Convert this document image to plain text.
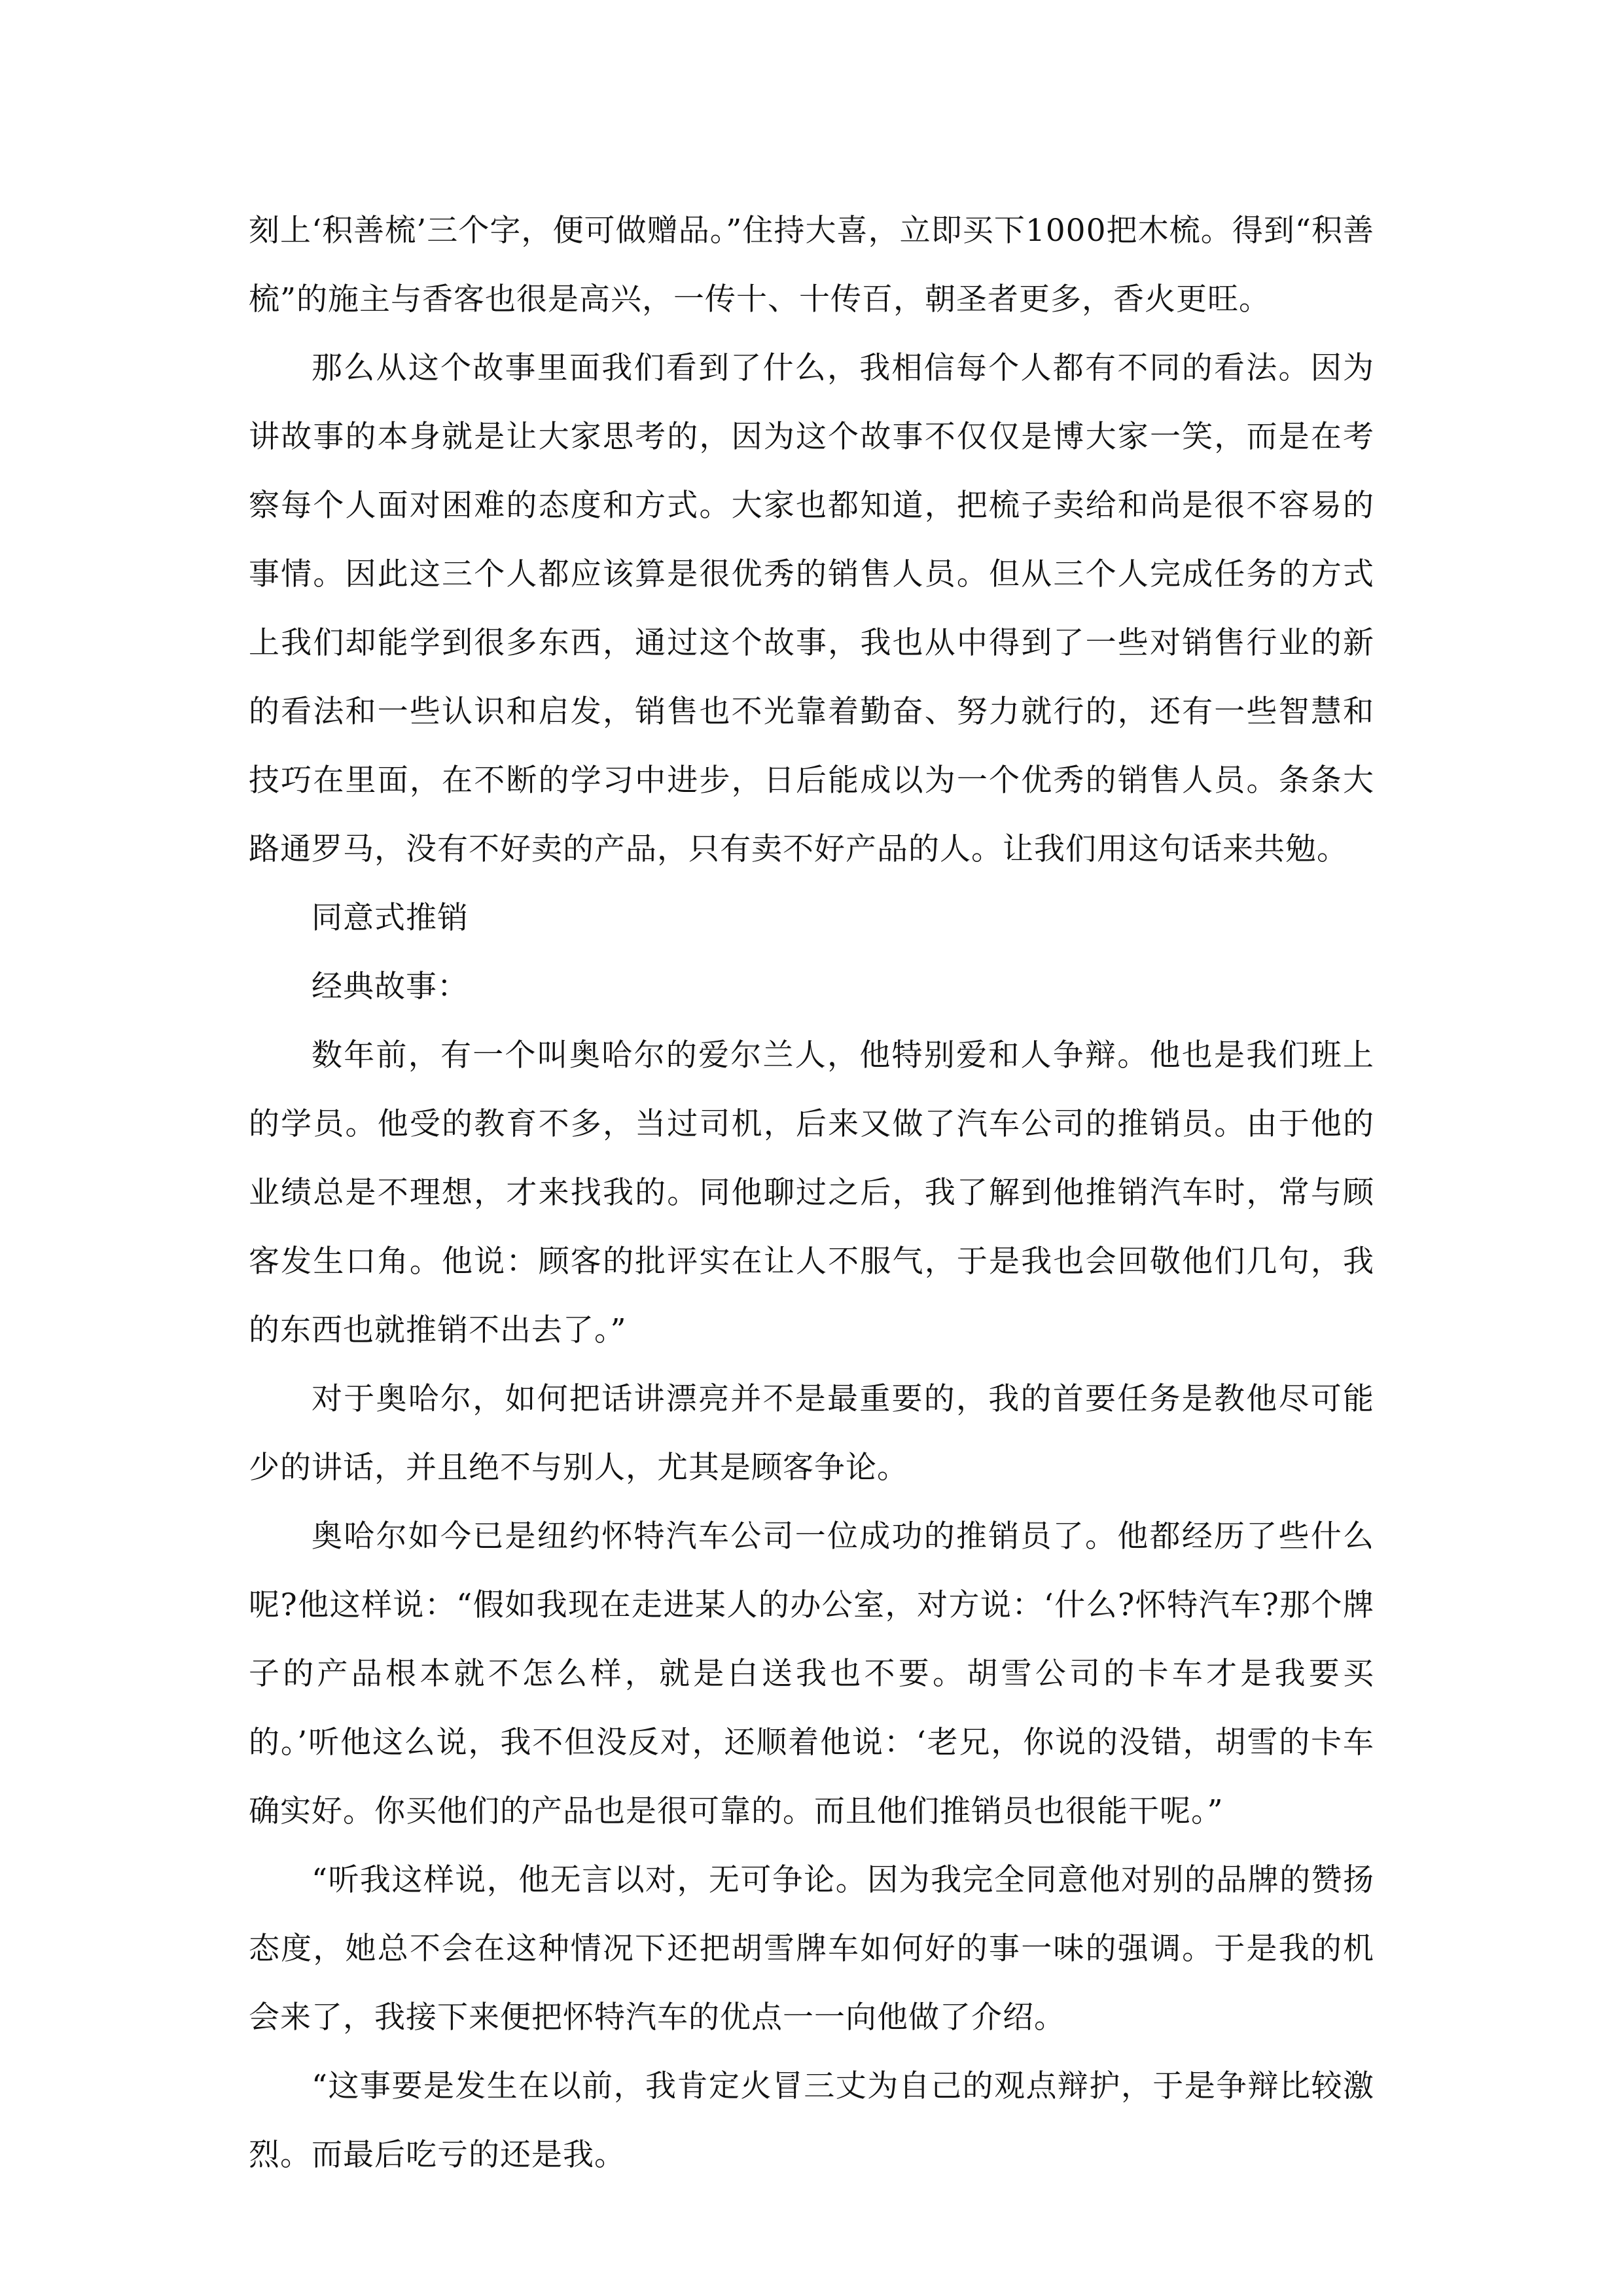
刻上‘积善梳’三个字，便可做赠品。”住持大喜，立即买下1000把木梳。得到“积善梳”的施主与香客也很是高兴，一传十、十传百，朝圣者更多，香火更旺。

那么从这个故事里面我们看到了什么，我相信每个人都有不同的看法。因为讲故事的本身就是让大家思考的，因为这个故事不仅仅是博大家一笑，而是在考察每个人面对困难的态度和方式。大家也都知道，把梳子卖给和尚是很不容易的事情。因此这三个人都应该算是很优秀的销售人员。但从三个人完成任务的方式上我们却能学到很多东西，通过这个故事，我也从中得到了一些对销售行业的新的看法和一些认识和启发，销售也不光靠着勤奋、努力就行的，还有一些智慧和技巧在里面，在不断的学习中进步，日后能成以为一个优秀的销售人员。条条大路通罗马，没有不好卖的产品，只有卖不好产品的人。让我们用这句话来共勉。

同意式推销

经典故事：

数年前，有一个叫奥哈尔的爱尔兰人，他特别爱和人争辩。他也是我们班上的学员。他受的教育不多，当过司机，后来又做了汽车公司的推销员。由于他的业绩总是不理想，才来找我的。同他聊过之后，我了解到他推销汽车时，常与顾客发生口角。他说：顾客的批评实在让人不服气，于是我也会回敬他们几句，我的东西也就推销不出去了。”

对于奥哈尔，如何把话讲漂亮并不是最重要的，我的首要任务是教他尽可能少的讲话，并且绝不与别人，尤其是顾客争论。

奥哈尔如今已是纽约怀特汽车公司一位成功的推销员了。他都经历了些什么呢?他这样说：“假如我现在走进某人的办公室，对方说：‘什么?怀特汽车?那个牌子的产品根本就不怎么样，就是白送我也不要。胡雪公司的卡车才是我要买的。’听他这么说，我不但没反对，还顺着他说：‘老兄，你说的没错，胡雪的卡车确实好。你买他们的产品也是很可靠的。而且他们推销员也很能干呢。”

“听我这样说，他无言以对，无可争论。因为我完全同意他对别的品牌的赞扬态度，她总不会在这种情况下还把胡雪牌车如何好的事一味的强调。于是我的机会来了，我接下来便把怀特汽车的优点一一向他做了介绍。

“这事要是发生在以前，我肯定火冒三丈为自己的观点辩护，于是争辩比较激烈。而最后吃亏的还是我。
